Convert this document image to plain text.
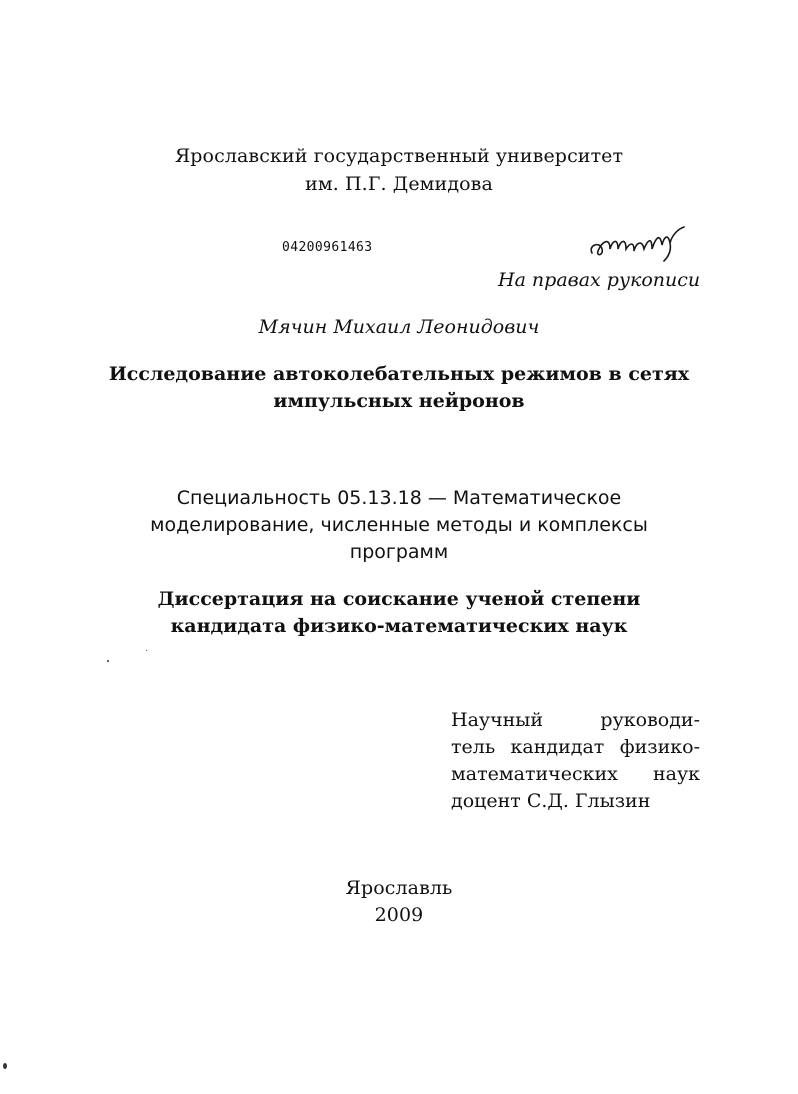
Ярославский государственный университет
им. П.Г. Демидова
04200961463
На правах рукописи
Мячин Михаил Леонидович
Исследование автоколебательных режимов в сетях
импульсных нейронов
Специальность 05.13.18 — Математическое
моделирование, численные методы и комплексы
программ
Диссертация на соискание ученой степени
кандидата физико-математических наук
Научный	руководи-
тель кандидат физико-
математических наук
доцент С.Д. Глызин
Ярославль
2009
